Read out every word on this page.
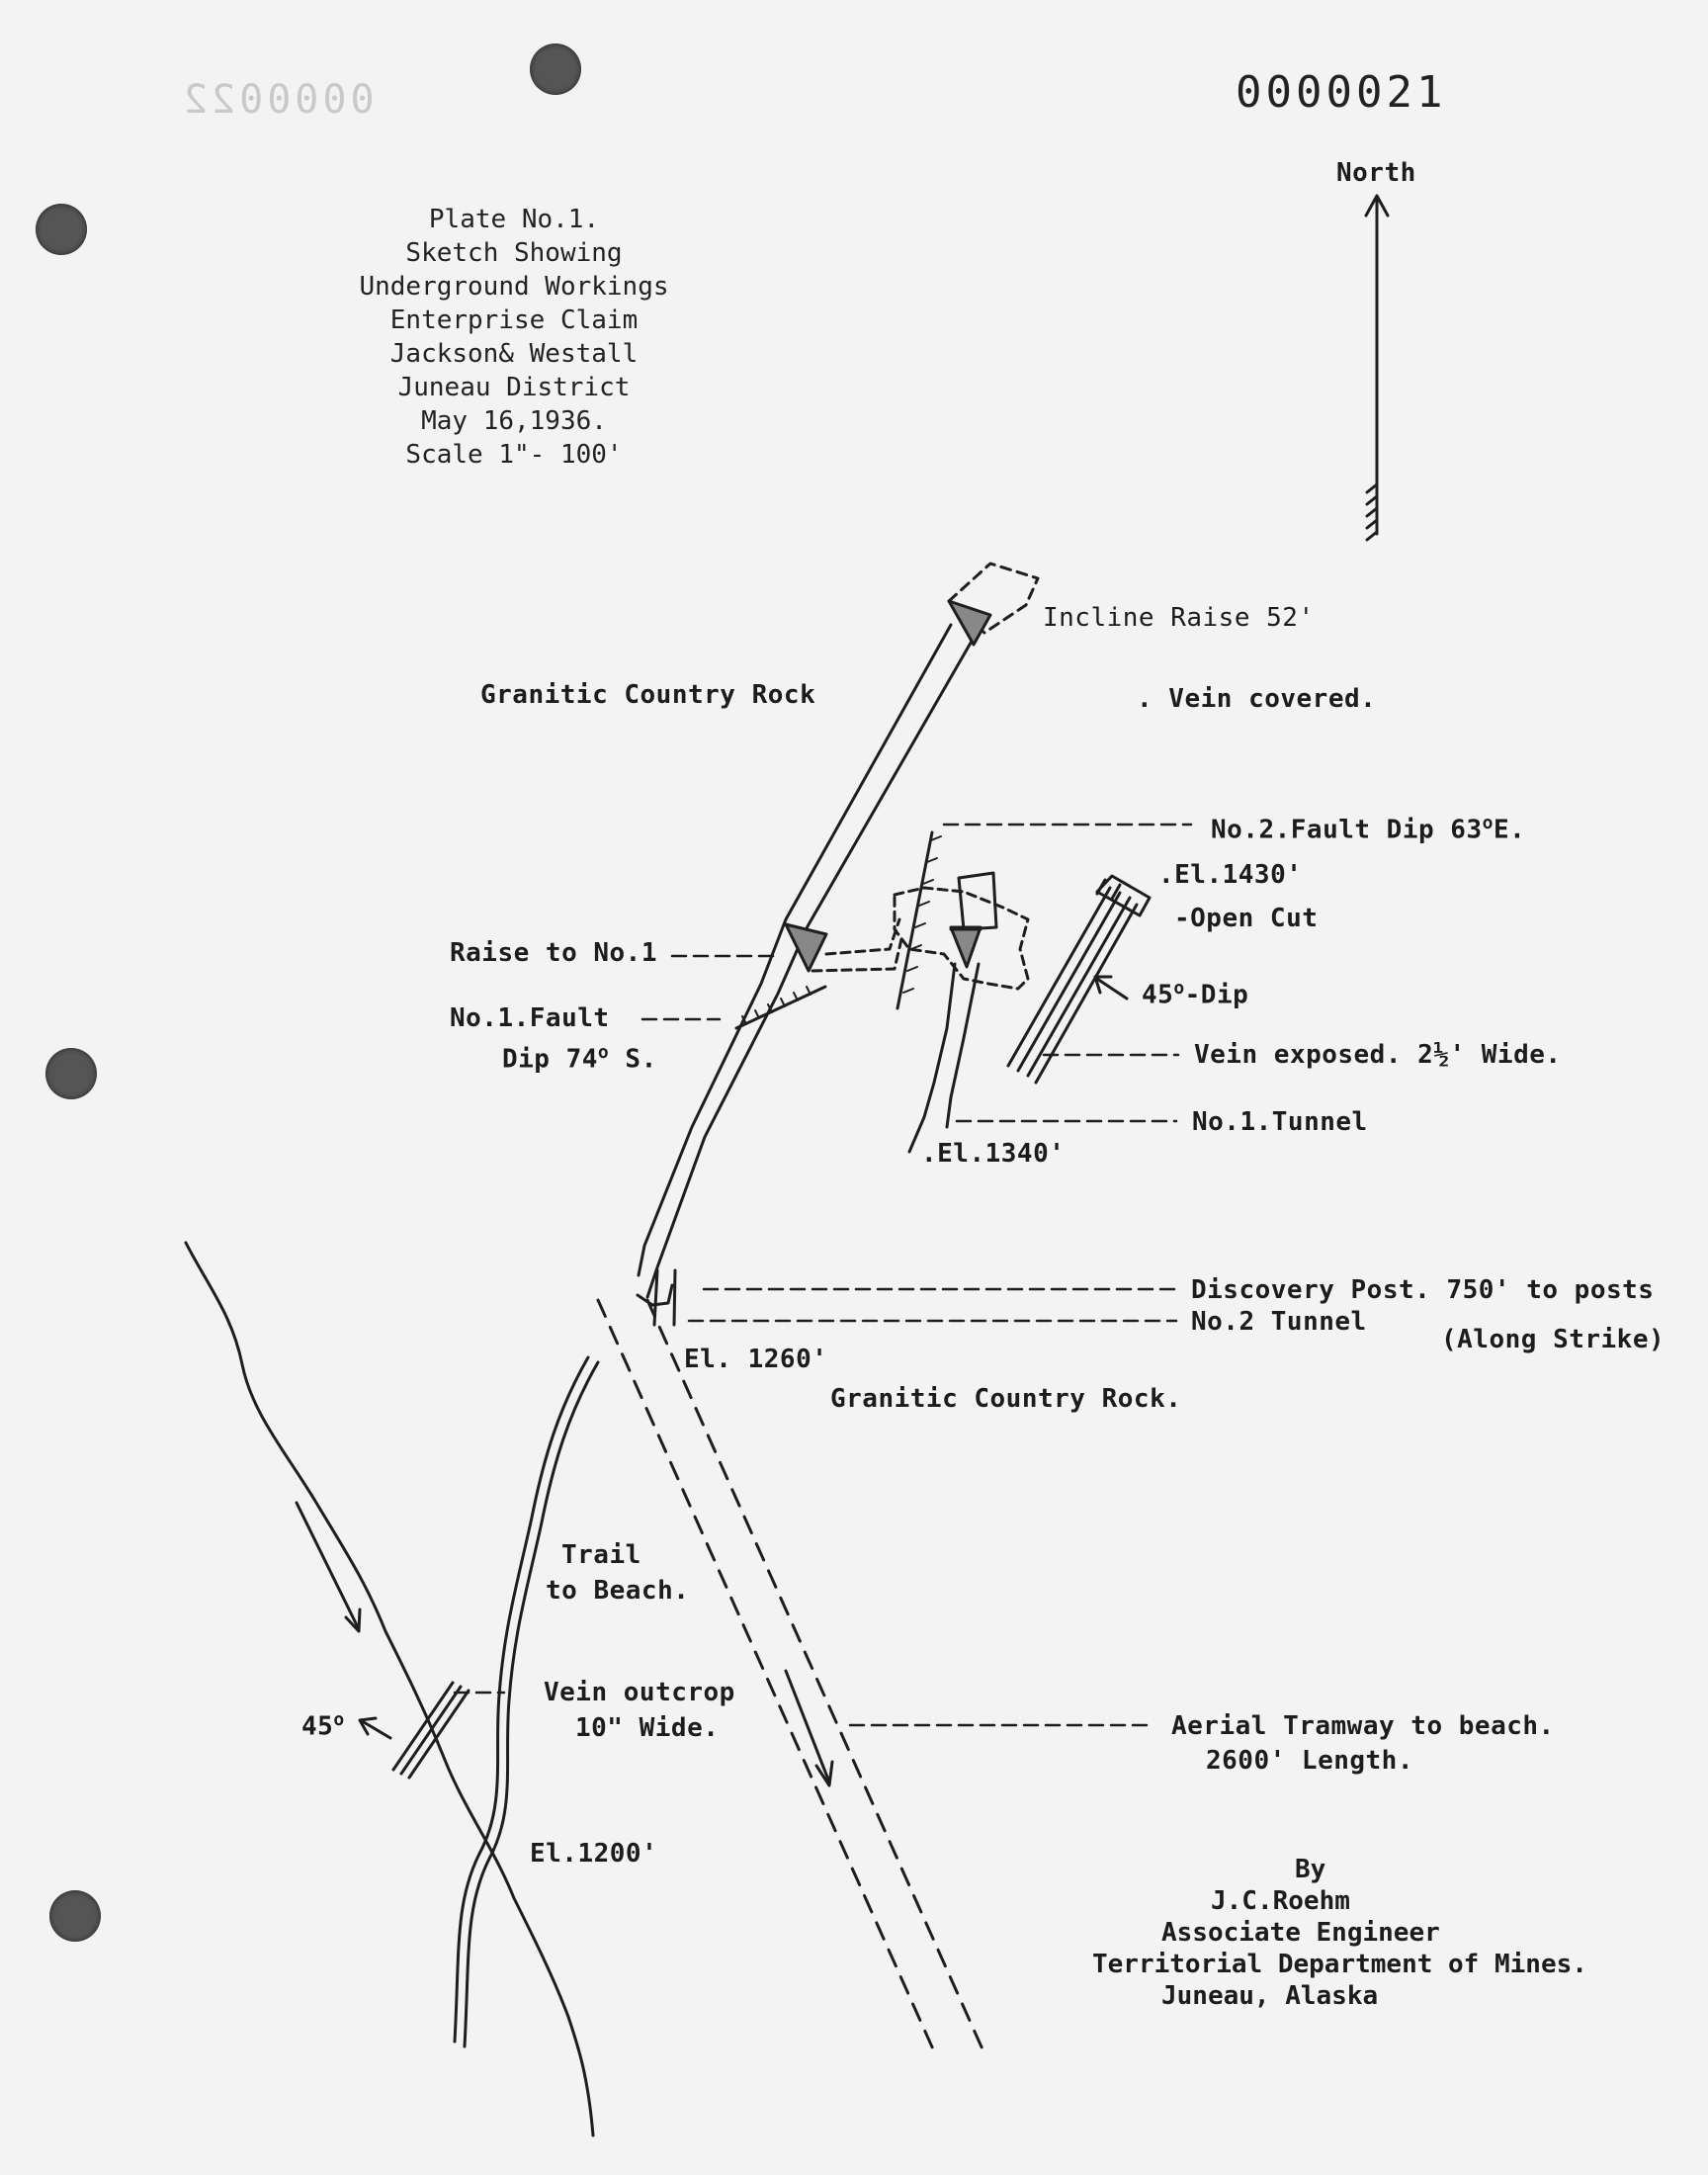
0000022	0000021
Plate No.1.
Sketch Showing
Underground Workings
Enterprise Claim
Jackson& Westall
Juneau District
May 16,1936.
Scale 1"- 100'
North
Incline Raise 52'
Granitic Country Rock	. Vein covered.
No.2.Fault Dip 63$^o$E.
.El.1430'
-Open Cut
Raise to No.1
45$^o$-Dip
No.1.Fault
Dip 74$^o$ S.	Vein exposed. 2½' Wide.
No.1.Tunnel
.El.1340'
Discovery Post. 750' to posts
No.2 Tunnel
(Along Strike)
El. 1260'
Granitic Country Rock.
Trail
to Beach.
Vein outcrop
10" Wide.
45$^o$	Aerial Tramway to beach.
2600' Length.
El.1200'
By
J.C.Roehm
Associate Engineer
Territorial Department of Mines.
Juneau, Alaska
